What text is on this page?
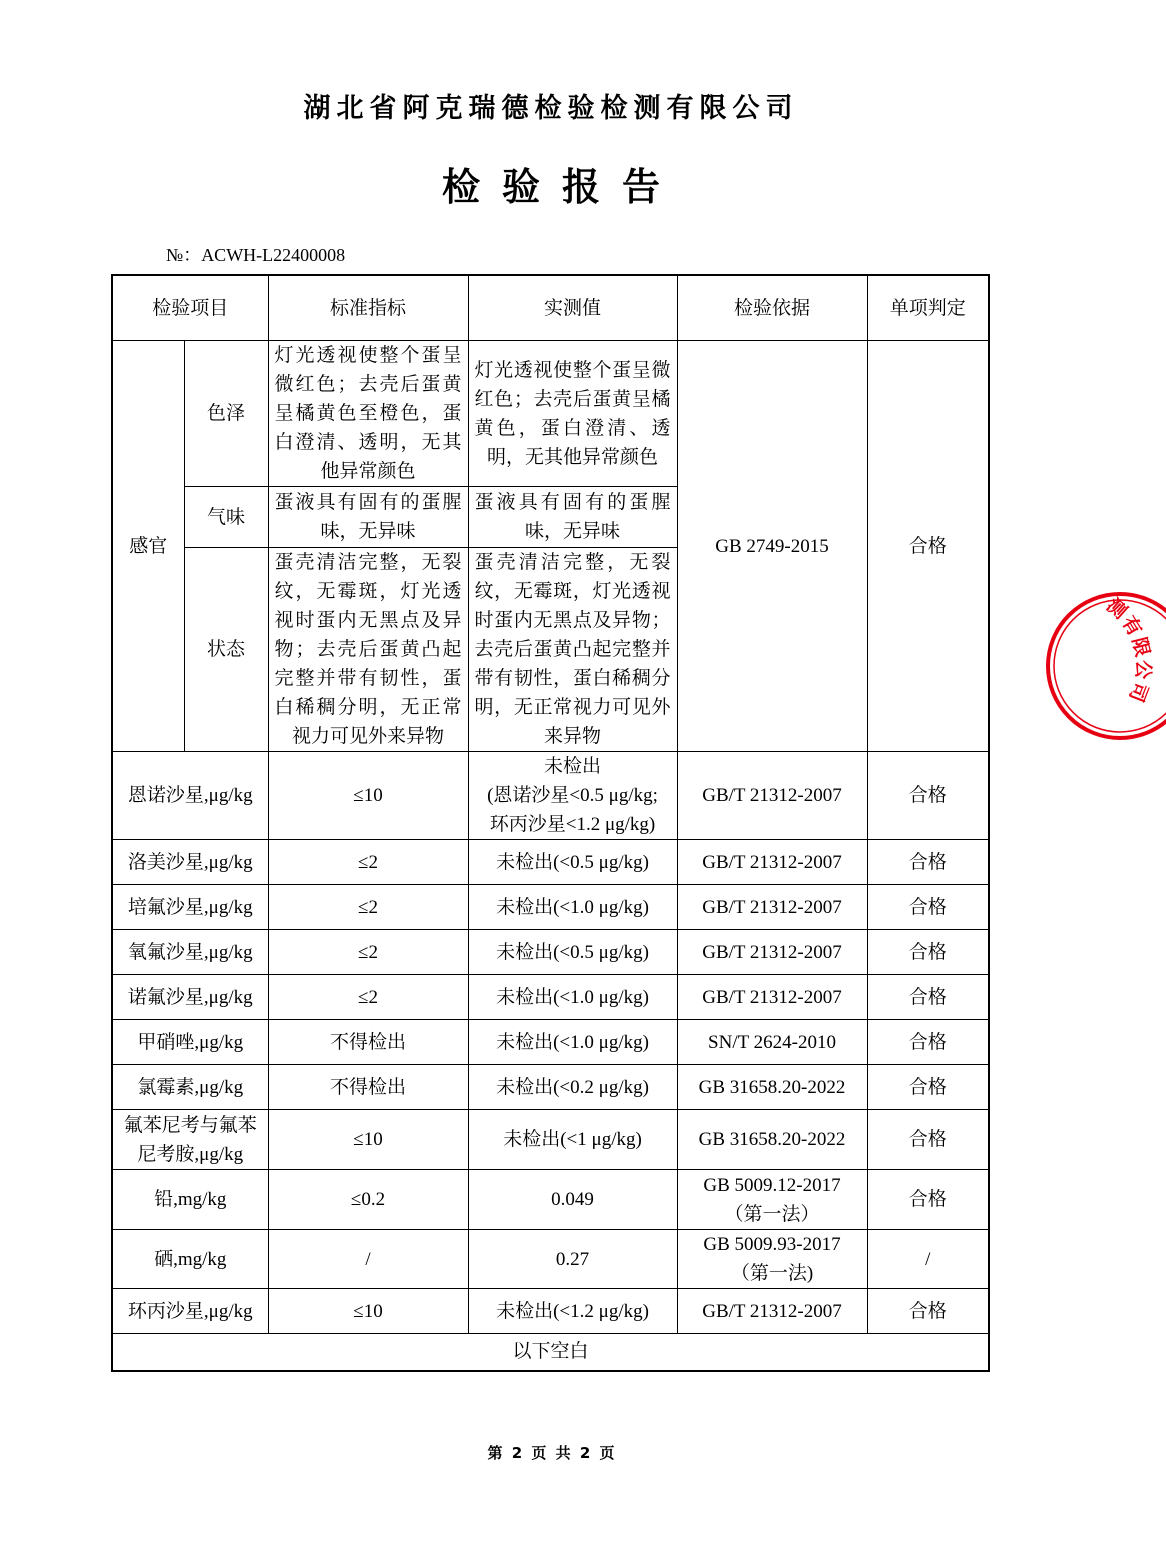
湖北省阿克瑞德检验检测有限公司
检验报告
№：ACWH-L22400008
检验项目		标准指标	实测值	检验依据	单项判定
感官	色泽	灯光透视使整个蛋呈微红色；去壳后蛋黄呈橘黄色至橙色，蛋白澄清、透明，无其他异常颜色	灯光透视使整个蛋呈微红色；去壳后蛋黄呈橘黄色，蛋白澄清、透明，无其他异常颜色	GB 2749-2015	合格
	气味	蛋液具有固有的蛋腥味，无异味	蛋液具有固有的蛋腥味，无异味		
	状态	蛋壳清洁完整，无裂纹，无霉斑，灯光透视时蛋内无黑点及异物；去壳后蛋黄凸起完整并带有韧性，蛋白稀稠分明，无正常视力可见外来异物	蛋壳清洁完整，无裂纹，无霉斑，灯光透视时蛋内无黑点及异物；去壳后蛋黄凸起完整并带有韧性，蛋白稀稠分明，无正常视力可见外来异物		
恩诺沙星,μg/kg		≤10	未检出
(恩诺沙星<0.5 μg/kg;
环丙沙星<1.2 μg/kg)	GB/T 21312-2007	合格
洛美沙星,μg/kg		≤2	未检出(<0.5 μg/kg)	GB/T 21312-2007	合格
培氟沙星,μg/kg		≤2	未检出(<1.0 μg/kg)	GB/T 21312-2007	合格
氧氟沙星,μg/kg		≤2	未检出(<0.5 μg/kg)	GB/T 21312-2007	合格
诺氟沙星,μg/kg		≤2	未检出(<1.0 μg/kg)	GB/T 21312-2007	合格
甲硝唑,μg/kg		不得检出	未检出(<1.0 μg/kg)	SN/T 2624-2010	合格
氯霉素,μg/kg		不得检出	未检出(<0.2 μg/kg)	GB 31658.20-2022	合格
氟苯尼考与氟苯尼考胺,μg/kg		≤10	未检出(<1 μg/kg)	GB 31658.20-2022	合格
铅,mg/kg		≤0.2	0.049	GB 5009.12-2017
（第一法）	合格
硒,mg/kg		/	0.27	GB 5009.93-2017
（第一法)	/
环丙沙星,μg/kg		≤10	未检出(<1.2 μg/kg)	GB/T 21312-2007	合格
以下空白					
第 2 页 共 2 页
测有限公司
